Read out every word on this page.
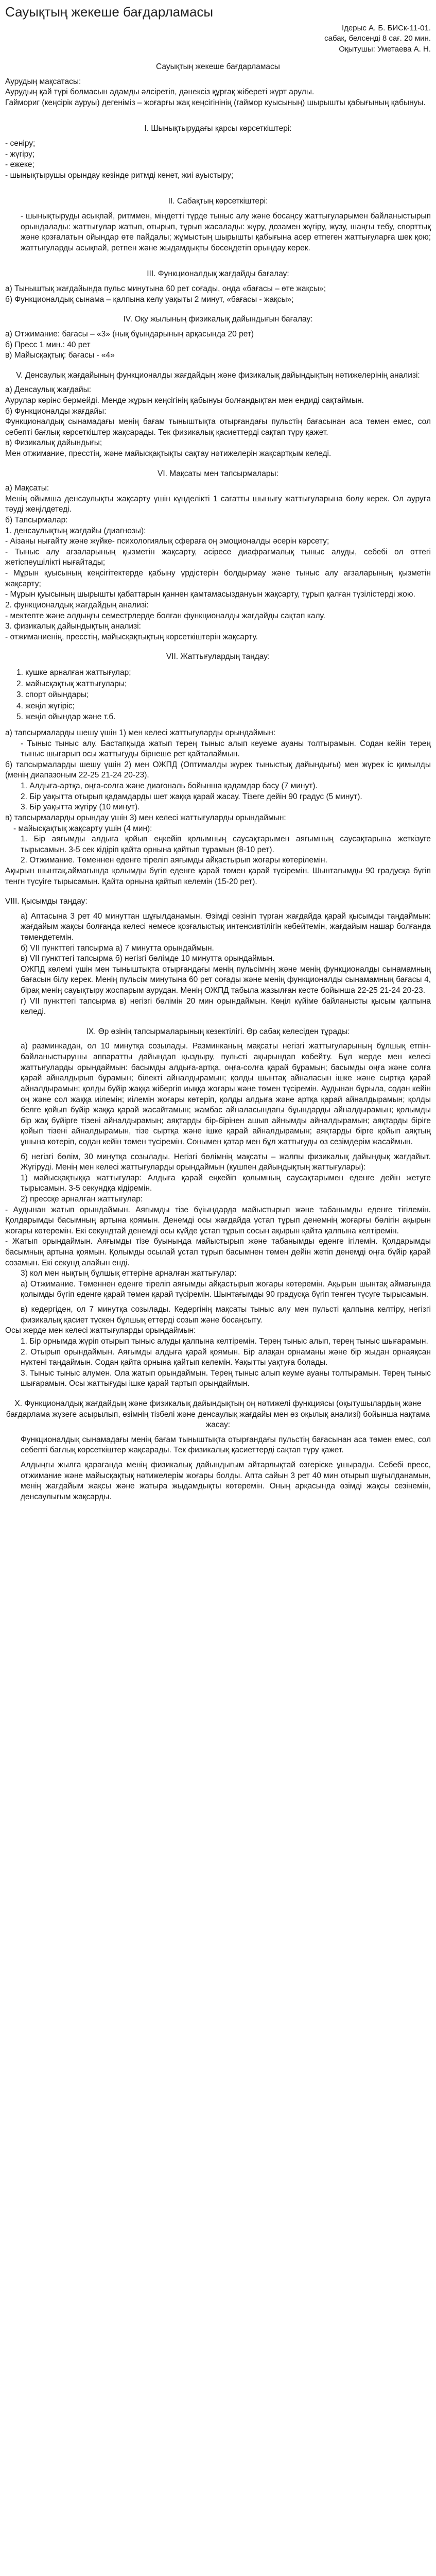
Сауықтың жекеше бағдарламасы
Ідерыс А. Б. БИСк-11-01.
сабақ, белсенді 8 сағ. 20 мин.
Оқытушы: Уметаева А. Н.

Сауықтың жекеше бағдарламасы

Аурудың мақсатасы:

Аурудың қай түрі болмасын адамды әлсіретіп, дәнексіз құрғақ жібереті жүрт арулы.

Гаймориг (кеңсірік ауруы) дегеніміз – жоғарғы жақ кеңсігінінің (гаймор куысының) шырышты қабығының қабынуы.

I. Шынықтырудағы қарсы көрсеткіштері:

- сеніру;

- жүгіру;

- ежеке;

- шынықтырушы орындау кезінде ритмді кенет, жиі ауыстыру;

II. Сабақтың көрсеткіштері:

- шынықтыруды асықпай, ритммен, міндетті түрде тыныс алу және босаңсу жаттығуларымен байланыстырып орындалады: жаттығулар жатып, отырып, тұрып жасалады: жүру, дозамен жүгіру, жүзу, шаңғы тебу, спорттық және қозғалатын ойындар өте пайдалы; жұмыстың шырышты қабығына асер етпеген жаттығуларға шек қою; жаттығуларды асықпай, ретпен және жыдамдықты бөсеңдетіп орындау керек.

III. Функционалдық жағдайды бағалау:

а) Тыныштық жағдайында пульс минутына 60 рет соғады, онда «бағасы – өте жақсы»;

б) Функционалдық сынама – қалпына келу уақыты 2 минут, «бағасы - жақсы»;

IV. Оқу жылының физикалық дайындығын бағалау:

а) Отжимание: бағасы – «3» (нық бұындарының арқасында 20 рет)

б) Пресс 1 мин.: 40 рет

в) Майысқақтық: бағасы - «4»

V. Денсаулық жағдайының функционалды жағдайдың және физикалық дайындықтың нәтижелерінің анализі:

а) Денсаулық жағдайы:

Аурулар көрінс бермейді. Менде жұрын кеңсігінің қабынуы болғандықтан мен ендиді сақтаймын.

б) Функционалды жағдайы:

Функционалдық сынамадағы менің бағам тыныштықта отырғандағы пульстің бағасынан аса төмен емес, сол себепті бағлық көрсеткіштер жақсарады. Тек физикалық қасиеттерді сақтап түру қажет.

в) Физикалық дайындығы;

Мен отжимание, пресстің, және майысқақтықты сақтау нәтижелерін жақсартқым келеді.

VI. Мақсаты мен тапсырмалары:

а) Мақсаты:

Менің ойымша денсаулықты жақсарту үшін күнделікті 1 сағатты шынығу жаттығуларына бөлу керек. Ол ауруға тәуді жеңілдетеді.

б) Тапсырмалар:

1. денсаулықтың жағдайы (диагнозы):

- Аізаны нығайту және жүйке- психологиялық сфераға оң эмоционалды әсерін көрсету;

- Тыныс алу ағзаларының қызметін жақсарту, асіресе диафрагмалық тыныс алуды, себебі ол оттегі жетіспеушілікті нығайтады;

- Мұрын қуысының кеңсігітектерде қабыну үрдістерін болдырмау және тыныс алу ағзаларының қызметін жақсарту;

- Мұрын қуысының шырышты қабаттарын қаннен қамтамасыздануын жақсарту, тұрып қалған түзілістерді жою.

2. функционалдық жағдайдың анализі:

- мектепте және алдыңғы семестрлерде болған функционалды жағдайды сақтап калу.

3. физикалық дайындықтың анализі:

- отжиманиенің, пресстің, майысқақтықтың көрсеткіштерін жақсарту.

VII. Жаттығулардың таңдау:

1. кушке арналған жаттығулар;
2. майысқақтық жаттығулары;
3. спорт ойындары;
4. жеңіл жүгіріс;
5. жеңіл ойындар және т.б.

а) тапсырмаларды шешу үшін 1) мен келесі жаттығуларды орындаймын:

- Тыныс тыныс алу. Бастапқыда жатып терең тыныс алып кеуеме ауаны толтырамын. Содан кейін терең тыныс шығарып осы жаттығуды бірнеше рет қайталаймын.

б) тапсырмаларды шешу үшін 2) мен ОЖПД (Оптималды жүрек тыныстық дайындығы) мен жүрек іс қимылды (менің диапазоным 22-25 21-24 20-23).

1. Алдыға-артқа, оңға-солға және диагональ бойынша қадамдар басу (7 минут).

2. Бір уақытта отырып қадамдарды шет жаққа қарай жасау. Тізеге дейін 90 градус (5 минут).

3. Бір уақытта жүгіру (10 минут).

в) тапсырмаларды орындау үшін 3) мен келесі жаттығуларды орындаймын:

- майысқақтық жақсарту үшін (4 мин):

1. Бір аяғымды алдыға қойып еңкейіп қолымның саусақтарымен аяғымның саусақтарына жеткізуге тырысамын. 3-5 сек кідіріп қайта орнына қайтып тұрамын (8-10 рет).

2. Отжимание. Төменнен еденге тіреліп аяғымды айқастырып жоғары көтерілемін.

Ақырын шынтақ,аймағында қолымды бүгіп еденге қарай төмен қарай түсіремін. Шынтағымды 90 градусқа бүгіп тенгн түсуіге тырысамын. Қайта орнына қайтып келемін (15-20 рет).

VIII. Қысымды таңдау:

а) Аптасына 3 рет 40 минуттан шұғылданамын. Өзімді сезініп түрган жағдайда қарай қысымды таңдаймын: жағдайым жақсы болғанда келесі немесе қозғалыстық интенсивтілігін көбейтемін, жағдайым нашар болғанда төмендетемін.

б) VII пункттегі тапсырма а) 7 минутта орындаймын.

в) VII пункттегі тапсырма б) негізгі бөлімде 10 минутта орындаймын.

ОЖПД көлемі үшін мен тыныштықта отырғандағы менің пульсімнің және менің функционалды сынамамның бағасын білу керек. Менің пульсім минутына 60 рет соғады және менің функционалды сынамамның бағасы 4, бірақ менің сауықтыру жоспарым аурудан. Менің ОЖПД табыла жазылған кесте бойынша 22-25 21-24 20-23.

г) VII пункттегі тапсырма в) негізгі бөлімін 20 мин орындаймын. Көңіл күйіме байланысты қысым қалпына келеді.

IX. Өр өзінің тапсырмаларының кезектілігі. Өр сабақ келесіден тұрады:

а) разминкадан, ол 10 минутқа созылады. Разминканың мақсаты негізгі жаттығуларының бұлшық етпін-байланыстырушы аппаратты дайындап қыздыру, пульсті ақырындап көбейту. Бұл жерде мен келесі жаттығуларды орындаймын: басымды алдыға-артқа, оңға-солға қарай бұрамын; басымды оңға және солға қарай айналдырып бұрамын; білекті айналдырамын; қолды шынтақ айналасын ішке және сыртқа қарай айналдырамын; қолды бүйір жаққа жібергіп иыққа жоғары және төмен түсіремін. Аудынан бұрыла, содан кейін оң және сол жаққа иілемін; иілемін жоғары көтеріп, қолды алдыға және артқа қарай айналдырамын; қолды белге қойып бүйір жаққа қарай жасайтамын; жамбас айналасындағы бұындарды айналдырамын; қолымды бір жақ бүйірге тізені айналдырамын; аяқтарды бір-бірінен ашып айнымды айналдырамын; аяқтарды біріге қойып тізені айналдырамын, тізе сыртқа және ішке қарай айналдырамын; аяқтарды бірге қойып аяқтың ұшына көтеріп, содан кейін төмен түсіремін. Сонымен қатар мен бұл жаттығуды өз сезімдерім жасаймын.

б) негізгі бөлім, 30 минутқа созылады. Негізгі бөлімнің мақсаты – жалпы физикалық дайындық жағдайыт. Жүгіруді. Менің мен келесі жаттығуларды орындаймын (кушпен дайындықтың жаттығулары):

1) майысқақтыққа жаттығулар: Алдыға қарай еңкейіп қолымның саусақтарымен еденге дейін жетуге тырысамын. 3-5 секундқа кідіремін.

2) прессқе арналған жаттығулар:

- Аудынан жатып орындаймын. Аяғымды тізе бүіындарда майыстырып және табанымды еденге тігілемін. Қолдарымды басымның артына қоямын. Денемді осы жағдайда үстап тұрып денемнің жоғарғы бөлігін ақырын жоғары көтеремін. Екі секундтай денемді осы күйде ұстап тұрып сосын ақырын қайта қалпына келтіремін.

- Жатып орындаймын. Аяғымды тізе буынында майыстырып және табанымды еденге ігілемін. Қолдарымды басымның артына қоямын. Қолымды осылай ұстап тұрып басымнен төмен дейін жетіп денемді оңға бүйір қарай созамын. Екі секунд алайын енді.

3) кол мен нықтың бұлшық еттеріне арналған жаттығулар:

а) Отжимание. Төменнен еденге тіреліп аяғымды айқастырып жоғары көтеремін. Ақырын шынтақ аймағында қолымды бүгіп еденге қарай төмен қарай түсіремін. Шынтағымды 90 градусқа бүгіп тенген түсуге тырысамын.

в) кедергіден, ол 7 минутқа созылады. Кедергінің мақсаты тыныс алу мен пульсті қалпына келтіру, негізгі физикалық қасиет түскен бұлшық еттерді созып және босаңсыту.

Осы жерде мен келесі жаттығуларды орындаймын:

1. Бір орнымда жүріп отырып тыныс алуды қалпына келтіремін. Терең тыныс алып, терең тыныс шығарамын.

2. Отырып орындаймын. Аяғымды алдыға қарай қоямын. Бір алақан орнаманы және бір жыдан орнаяқсан нүктені таңдаймын. Содан қайта орнына қайтып келемін. Ұақытты уақтуға болады.

3. Тыныс тыныс алумен. Ола жатып орындаймын. Терең тыныс алып кеуме ауаны толтырамын. Терең тыныс шығарамын. Осы жаттығуды ішке қарай тартып орындаймын.

X. Функционалдық жағдайдың және физикалық дайындықтың оң нәтижелі функциясы (оқытушылардың және бағдарлама жүзеге асырылып, өзімнің тізбелі және денсаулық жағдайы мен өз оқылық анализі) бойынша нақтама жасау:

Функционалдық сынамадағы менің бағам тыныштықта отырғандағы пульстің бағасынан аса төмен емес, сол себепті бағлық көрсеткіштер жақсарады. Тек физикалық қасиеттерді сақтап түру қажет.

Алдыңғы жылға қарағанда менің физикалық дайындығым айтарлықтай өзгеріске ұшырады. Себебі пресс, отжимание және майысқақтық нәтижелерім жоғары болды. Апта сайын 3 рет 40 мин отырып шұғылданамын, менің жағдайым жақсы және жатыра жыдамдықты көтеремін. Оның арқасында өзімді жақсы сезінемін, денсаулығым жақсарды.
